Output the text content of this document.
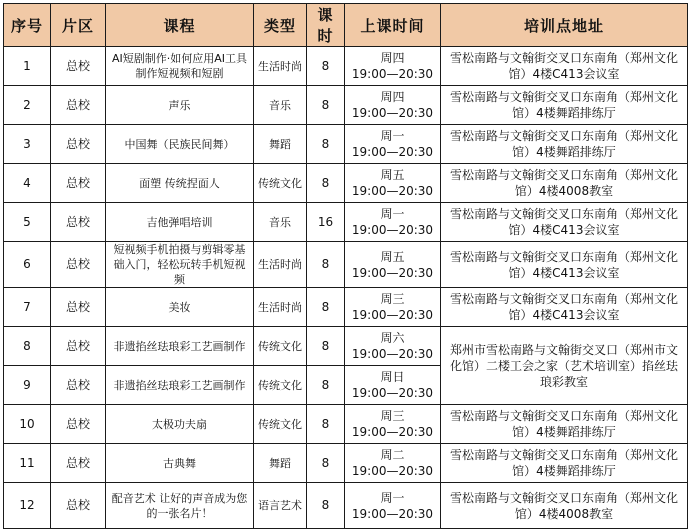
序号	片区	课程	类型	课时	上课时间	培训点地址
1	总校	AI短剧制作·如何应用AI工具制作短视频和短剧	生活时尚	8	周四
19:00—20:30	雪松南路与文翰街交叉口东南角（郑州文化馆）4楼C413会议室
2	总校	声乐	音乐	8	周四
19:00—20:30	雪松南路与文翰街交叉口东南角（郑州文化馆）4楼舞蹈排练厅
3	总校	中国舞（民族民间舞）	舞蹈	8	周一
19:00—20:30	雪松南路与文翰街交叉口东南角（郑州文化馆）4楼舞蹈排练厅
4	总校	面塑 传统捏面人	传统文化	8	周五
19:00—20:30	雪松南路与文翰街交叉口东南角（郑州文化馆）4楼4008教室
5	总校	吉他弹唱培训	音乐	16	周一
19:00—20:30	雪松南路与文翰街交叉口东南角（郑州文化馆）4楼C413会议室
6	总校	短视频手机拍摄与剪辑零基础入门，轻松玩转手机短视频	生活时尚	8	周五
19:00—20:30	雪松南路与文翰街交叉口东南角（郑州文化馆）4楼C413会议室
7	总校	美妆	生活时尚	8	周三
19:00—20:30	雪松南路与文翰街交叉口东南角（郑州文化馆）4楼C413会议室
8	总校	非遗掐丝珐琅彩工艺画制作	传统文化	8	周六
19:00—20:30	郑州市雪松南路与文翰街交叉口（郑州市文化馆）二楼工会之家（艺术培训室）掐丝珐琅彩教室
9	总校	非遗掐丝珐琅彩工艺画制作	传统文化	8	周日
19:00—20:30	

10	总校	太极功夫扇	传统文化	8	周三
19:00—20:30	雪松南路与文翰街交叉口东南角（郑州文化馆）4楼舞蹈排练厅
11	总校	古典舞	舞蹈	8	周二
19:00—20:30	雪松南路与文翰街交叉口东南角（郑州文化馆）4楼舞蹈排练厅
12	总校	配音艺术 让好的声音成为您的一张名片！	语言艺术	8	周一
19:00—20:30	雪松南路与文翰街交叉口东南角（郑州文化馆）4楼4008教室
